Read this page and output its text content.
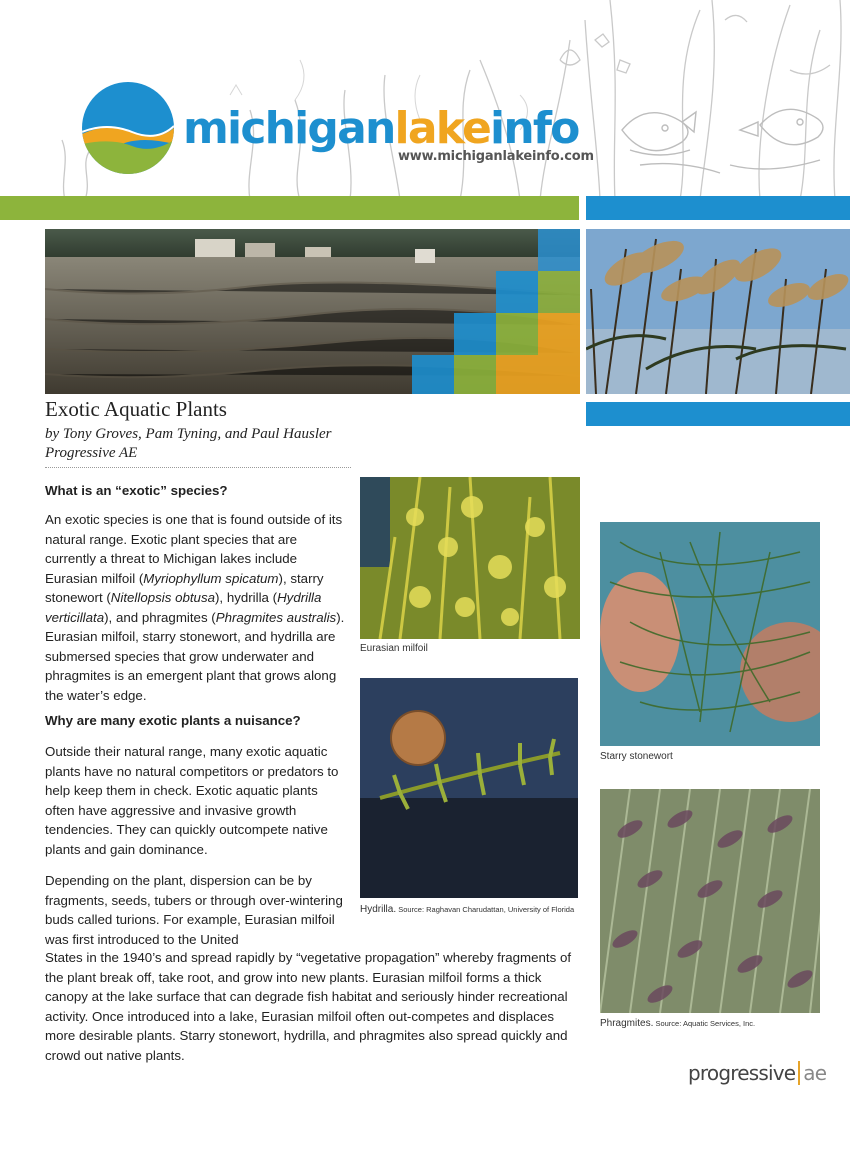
michiganlakeinfo
www.michiganlakeinfo.com
Exotic Aquatic Plants
by Tony Groves, Pam Tyning, and Paul Hausler
Progressive AE
What is an “exotic” species?
An exotic species is one that is found outside of its natural range. Exotic plant species that are currently a threat to Michigan lakes include Eurasian milfoil (Myriophyllum spicatum), starry stonewort (Nitellopsis obtusa), hydrilla (Hydrilla verticillata), and phragmites (Phragmites australis). Eurasian milfoil, starry stonewort, and hydrilla are submersed species that grow underwater and phragmites is an emergent plant that grows along the water’s edge.
Why are many exotic plants a nuisance?
Outside their natural range, many exotic aquatic plants have no natural competitors or predators to help keep them in check. Exotic aquatic plants often have aggressive and invasive growth tendencies. They can quickly outcompete native plants and gain dominance.
Depending on the plant, dispersion can be by fragments, seeds, tubers or through over-wintering buds called turions. For example, Eurasian milfoil was first introduced to the United
States in the 1940’s and spread rapidly by “vegetative propagation” whereby fragments of the plant break off, take root, and grow into new plants. Eurasian milfoil forms a thick canopy at the lake surface that can degrade fish habitat and seriously hinder recreational activity. Once introduced into a lake, Eurasian milfoil often out-competes and displaces more desirable plants. Starry stonewort, hydrilla, and phragmites also spread quickly and crowd out native plants.
Eurasian milfoil
Hydrilla. Source: Raghavan Charudattan, University of Florida
Starry stonewort
Phragmites. Source: Aquatic Services, Inc.
progressive ae
